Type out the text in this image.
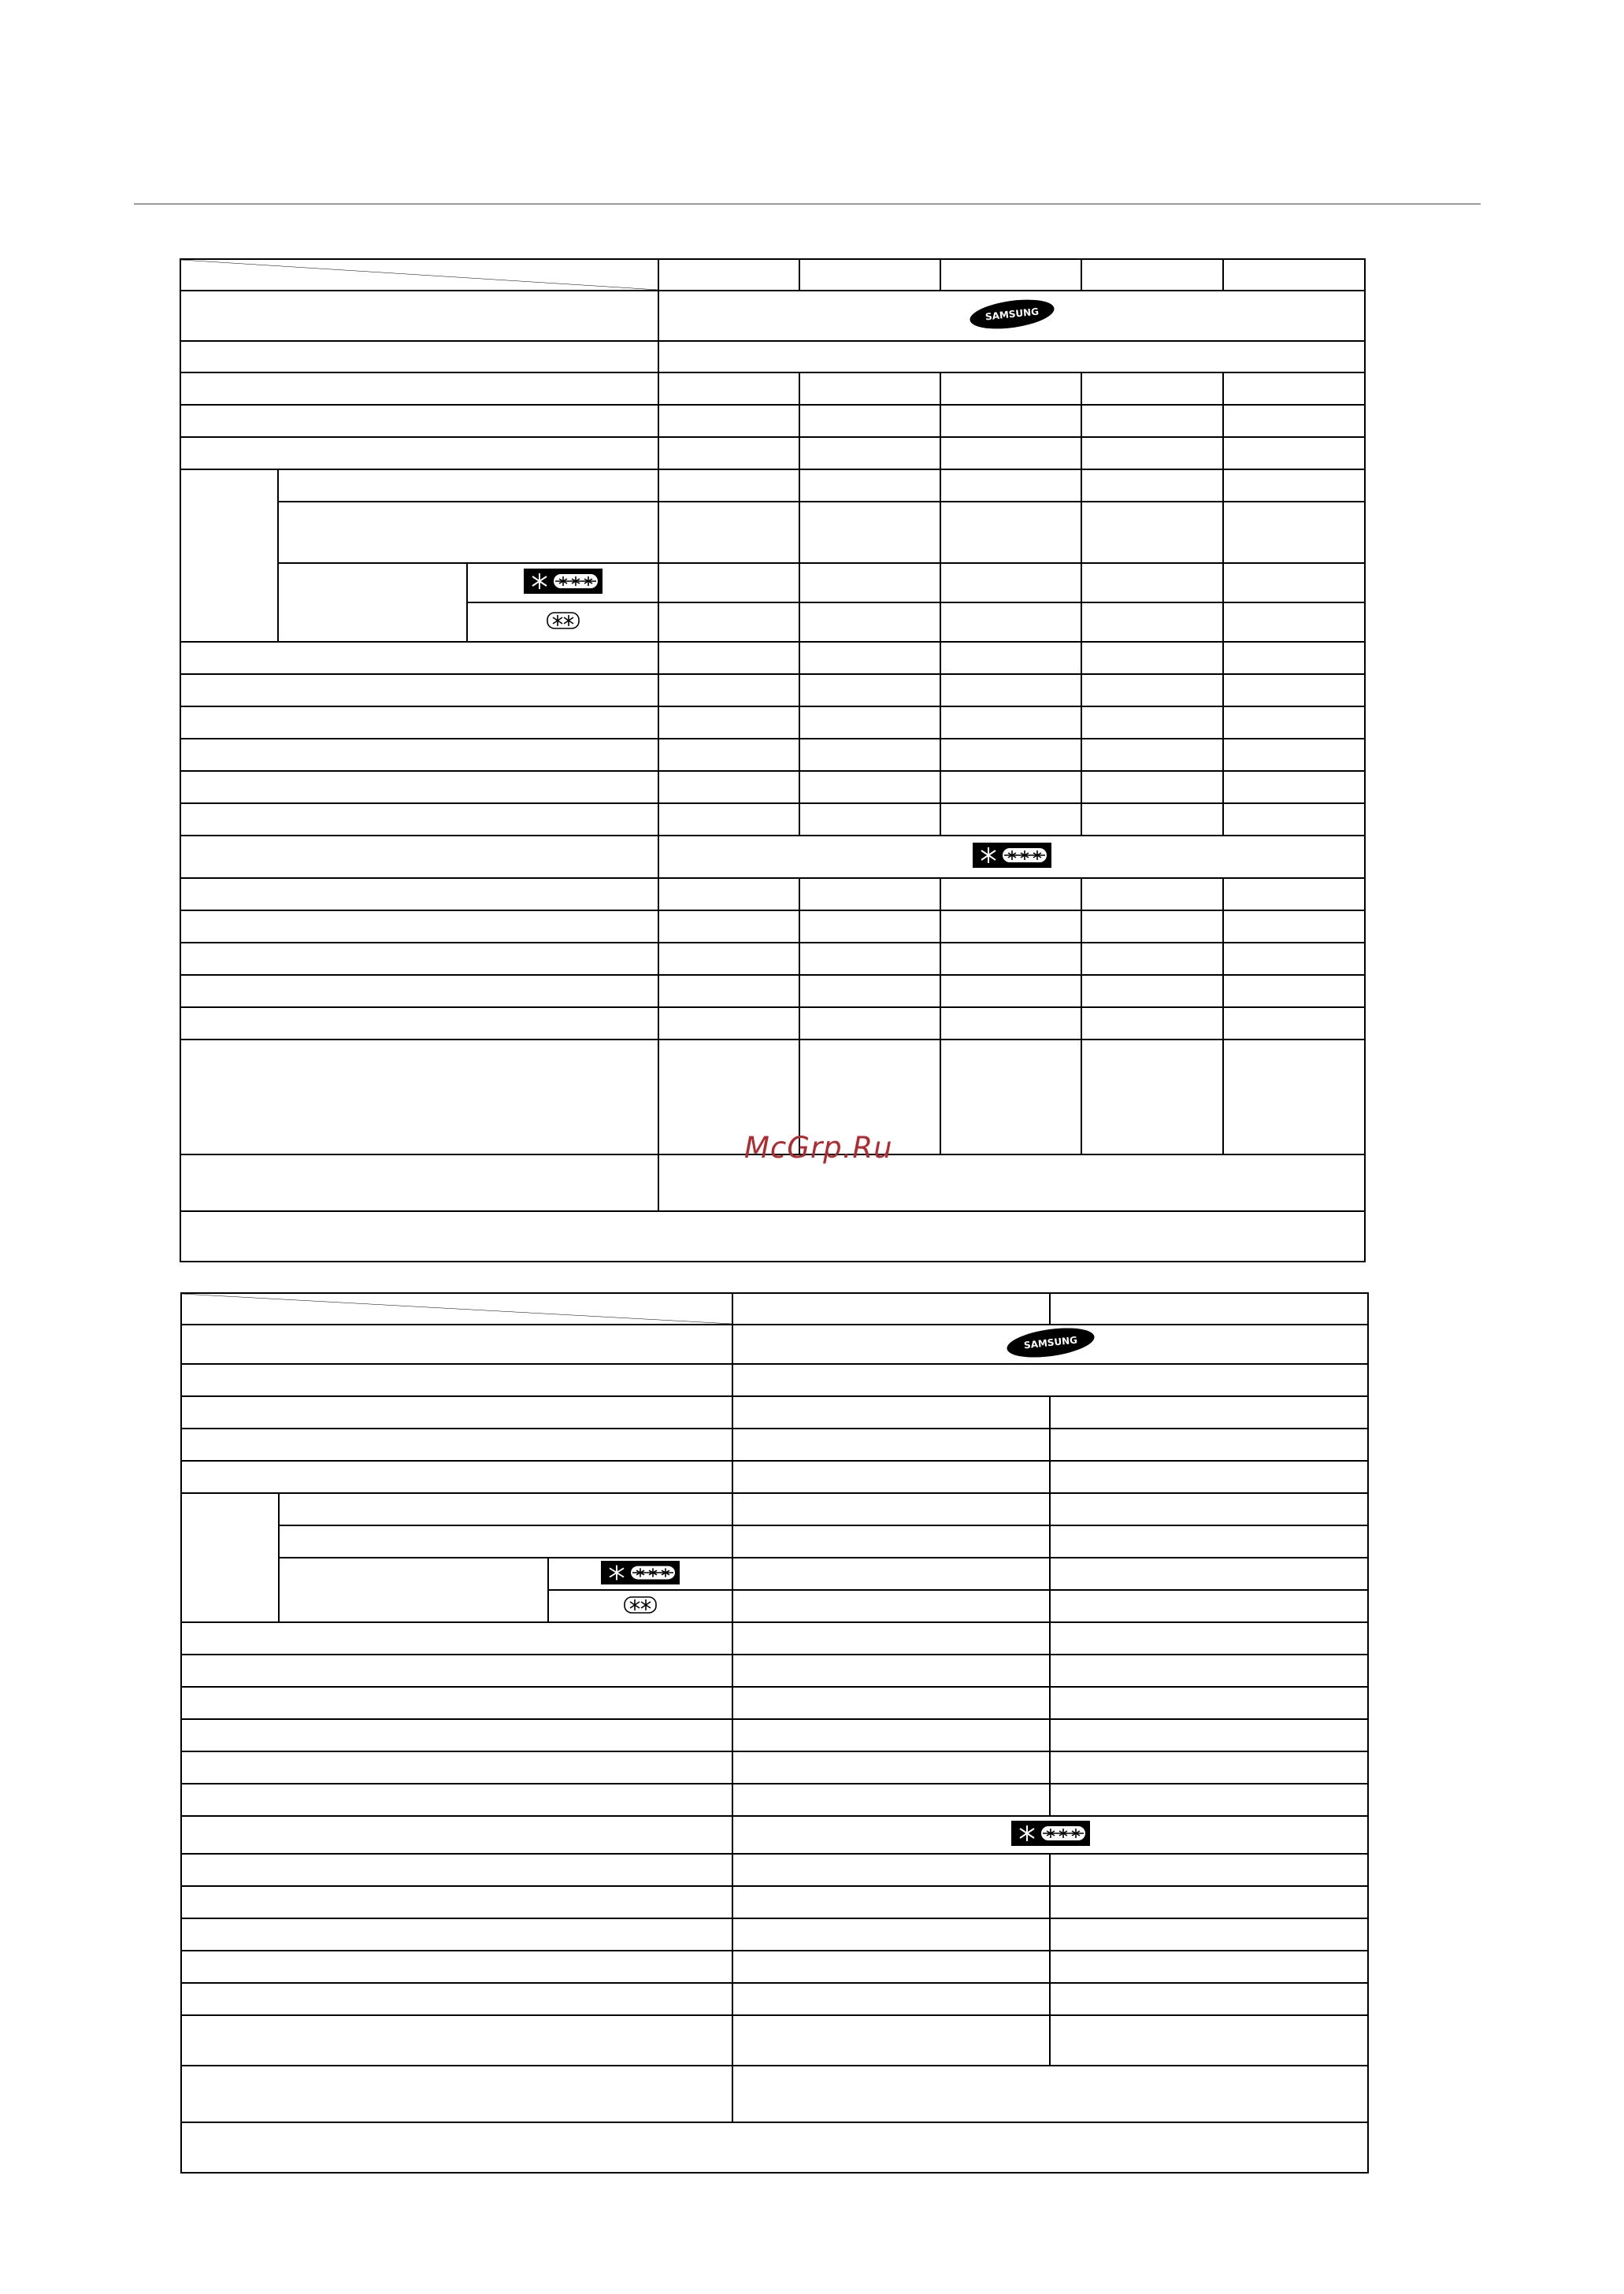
SAMSUNG				

SAMSUNG	

McGrp.Ru
